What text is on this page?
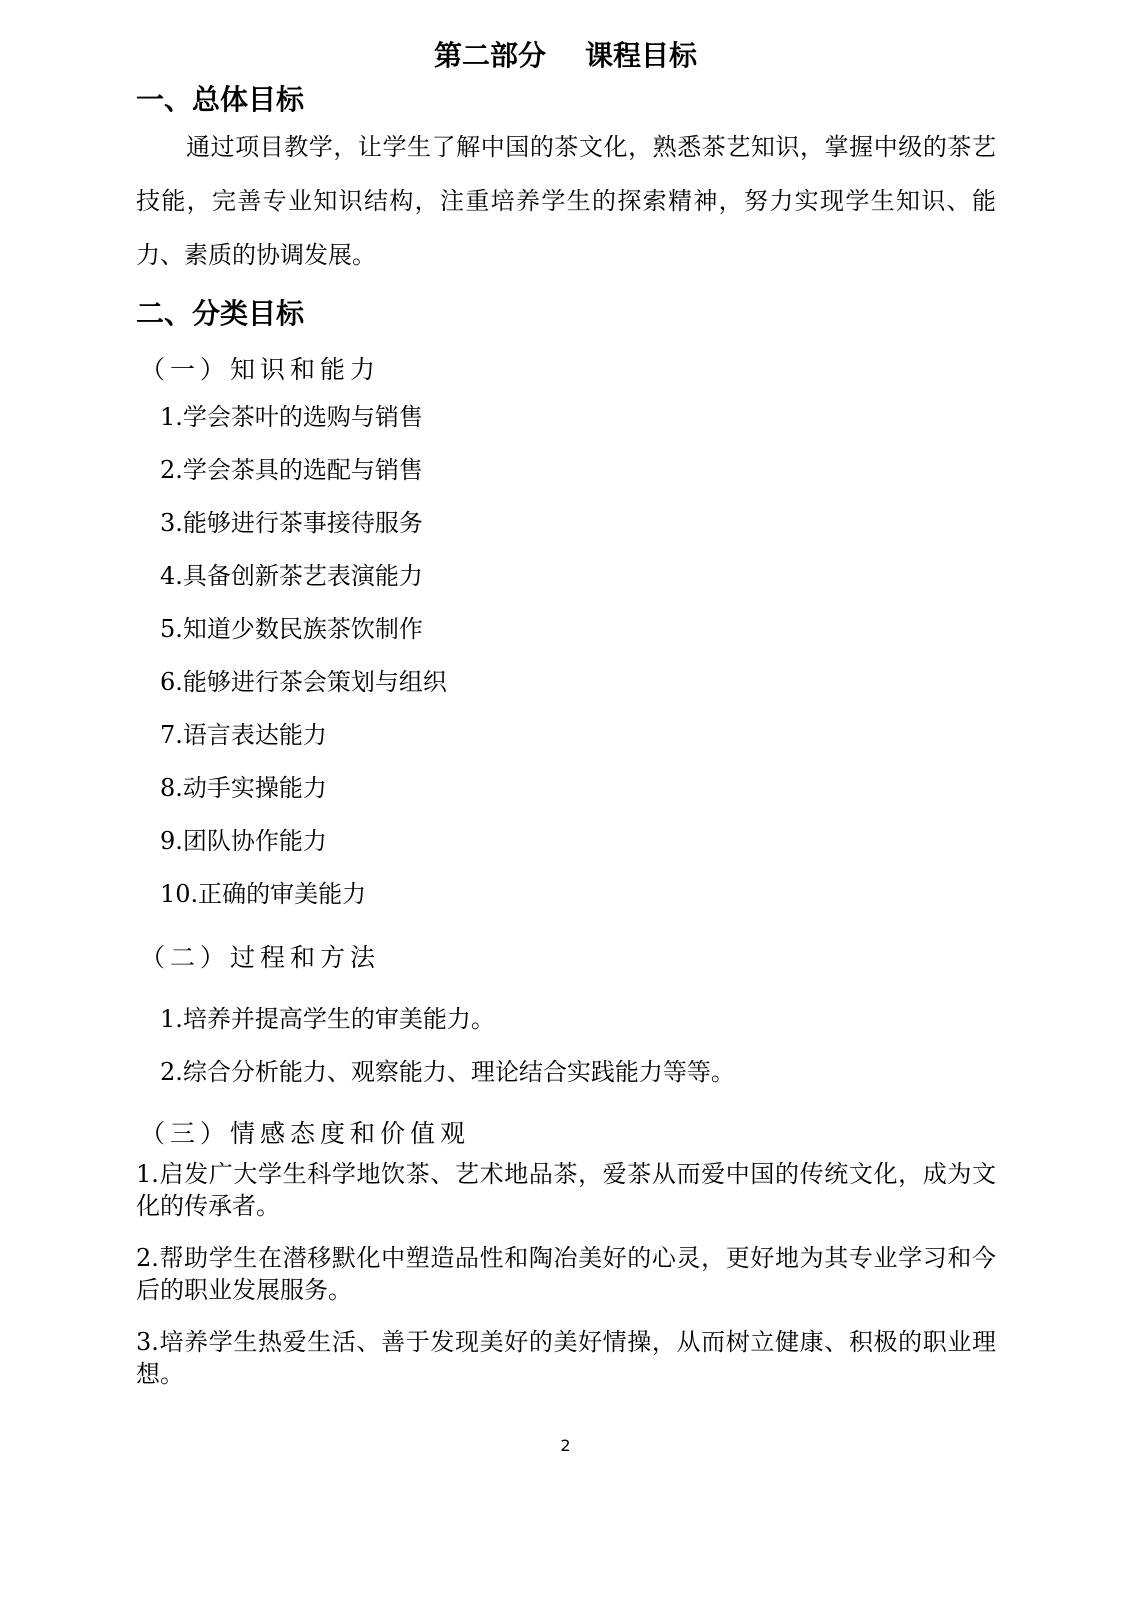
第二部分    课程目标
一、总体目标
通过项目教学，让学生了解中国的茶文化，熟悉茶艺知识，掌握中级的茶艺技能，完善专业知识结构，注重培养学生的探索精神，努力实现学生知识、能力、素质的协调发展。
二、分类目标
（一）知识和能力
1.学会茶叶的选购与销售
2.学会茶具的选配与销售
3.能够进行茶事接待服务
4.具备创新茶艺表演能力
5.知道少数民族茶饮制作
6.能够进行茶会策划与组织
7.语言表达能力
8.动手实操能力
9.团队协作能力
10.正确的审美能力
（二）过程和方法
1.培养并提高学生的审美能力。
2.综合分析能力、观察能力、理论结合实践能力等等。
（三）情感态度和价值观
1.启发广大学生科学地饮茶、艺术地品茶，爱茶从而爱中国的传统文化，成为文化的传承者。
2.帮助学生在潜移默化中塑造品性和陶冶美好的心灵，更好地为其专业学习和今后的职业发展服务。
3.培养学生热爱生活、善于发现美好的美好情操，从而树立健康、积极的职业理想。
2
